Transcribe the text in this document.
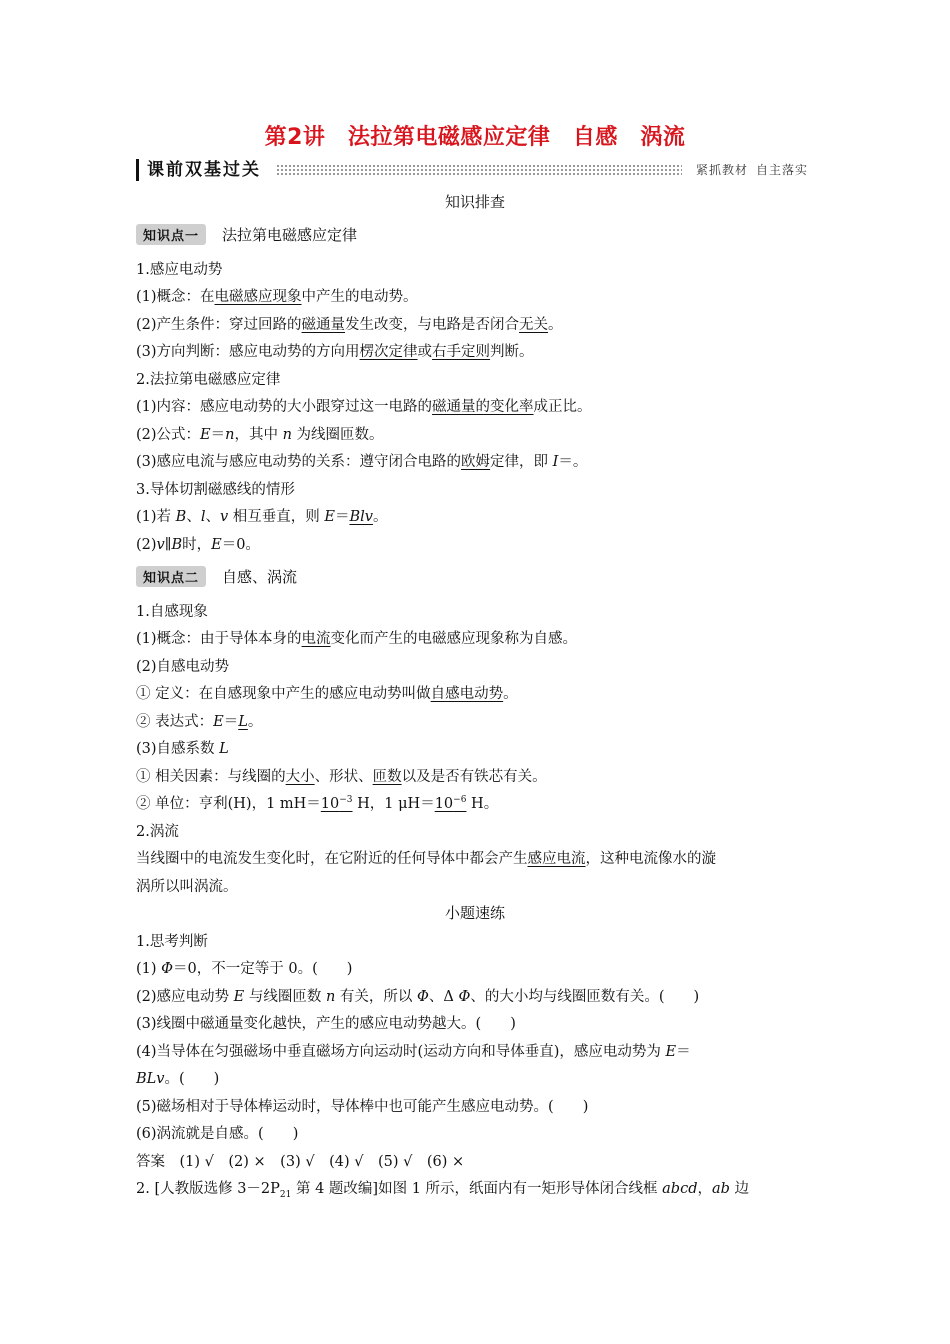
第2讲　法拉第电磁感应定律　自感　涡流
课前双基过关	紧抓教材 自主落实
知识排查
知识点一	法拉第电磁感应定律
1.感应电动势
(1)概念：在电磁感应现象中产生的电动势。
(2)产生条件：穿过回路的磁通量发生改变，与电路是否闭合无关。
(3)方向判断：感应电动势的方向用楞次定律或右手定则判断。
2.法拉第电磁感应定律
(1)内容：感应电动势的大小跟穿过这一电路的磁通量的变化率成正比。
(2)公式：E＝n，其中 n 为线圈匝数。
(3)感应电流与感应电动势的关系：遵守闭合电路的欧姆定律，即 I＝。
3.导体切割磁感线的情形
(1)若 B、l、v 相互垂直，则 E＝Blv。
(2)v∥B时，E＝0。
知识点二	自感、涡流
1.自感现象
(1)概念：由于导体本身的电流变化而产生的电磁感应现象称为自感。
(2)自感电动势
① 定义：在自感现象中产生的感应电动势叫做自感电动势。
② 表达式：E＝L。
(3)自感系数 L
① 相关因素：与线圈的大小、形状、匝数以及是否有铁芯有关。
② 单位：亨利(H)，1 $mH=10^{-3}$ H，1 $\mu H=10^{-6}$ H。
2.涡流
当线圈中的电流发生变化时，在它附近的任何导体中都会产生感应电流，这种电流像水的漩
涡所以叫涡流。
小题速练
1.思考判断
(1) Φ＝0，不一定等于 0。(　　)
(2)感应电动势 E 与线圈匝数 n 有关，所以 Φ、Δ Φ、的大小均与线圈匝数有关。(　　)
(3)线圈中磁通量变化越快，产生的感应电动势越大。(　　)
(4)当导体在匀强磁场中垂直磁场方向运动时(运动方向和导体垂直)，感应电动势为 E＝
BLv。(　　)
(5)磁场相对于导体棒运动时，导体棒中也可能产生感应电动势。(　　)
(6)涡流就是自感。(　　)
答案　(1) √　(2) ×　(3) √　(4) √　(5) √　(6) ×
2. [人教版选修 $3-2P_{21}$ 第 4 题改编]如图 1 所示，纸面内有一矩形导体闭合线框 abcd，ab 边
